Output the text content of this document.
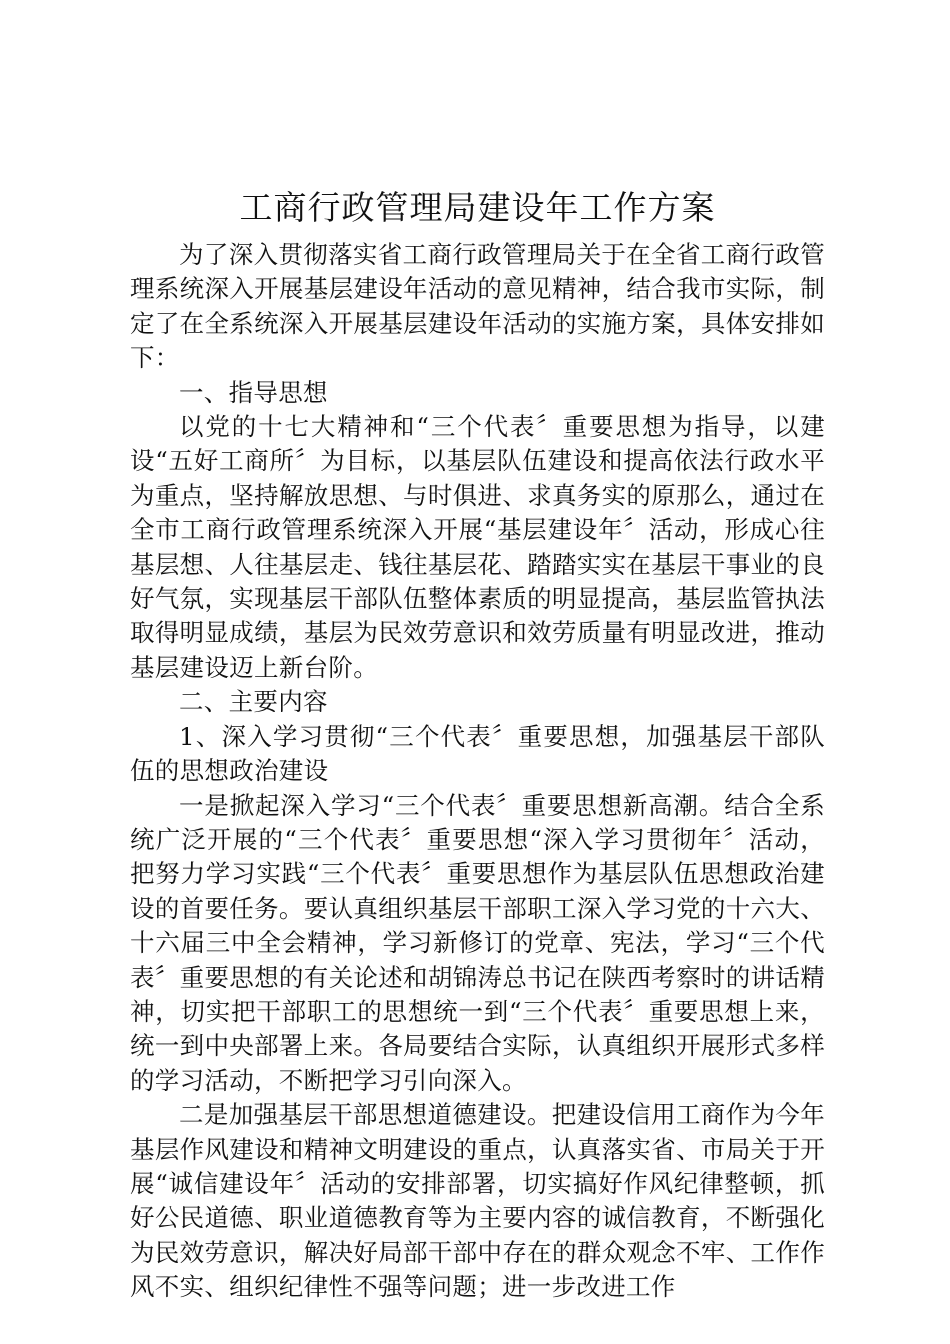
工商行政管理局建设年工作方案

为了深入贯彻落实省工商行政管理局关于在全省工商行政管理系统深入开展基层建设年活动的意见精神，结合我市实际，制定了在全系统深入开展基层建设年活动的实施方案，具体安排如下：

一、指导思想

以党的十七大精神和“三个代表〞重要思想为指导，以建设“五好工商所〞为目标，以基层队伍建设和提高依法行政水平为重点，坚持解放思想、与时俱进、求真务实的原那么，通过在全市工商行政管理系统深入开展“基层建设年〞活动，形成心往基层想、人往基层走、钱往基层花、踏踏实实在基层干事业的良好气氛，实现基层干部队伍整体素质的明显提高，基层监管执法取得明显成绩，基层为民效劳意识和效劳质量有明显改进，推动基层建设迈上新台阶。

二、主要内容

1、深入学习贯彻“三个代表〞重要思想，加强基层干部队伍的思想政治建设

一是掀起深入学习“三个代表〞重要思想新高潮。结合全系统广泛开展的“三个代表〞重要思想“深入学习贯彻年〞活动，把努力学习实践“三个代表〞重要思想作为基层队伍思想政治建设的首要任务。要认真组织基层干部职工深入学习党的十六大、十六届三中全会精神，学习新修订的党章、宪法，学习“三个代表〞重要思想的有关论述和胡锦涛总书记在陕西考察时的讲话精神，切实把干部职工的思想统一到“三个代表〞重要思想上来，统一到中央部署上来。各局要结合实际，认真组织开展形式多样的学习活动，不断把学习引向深入。

二是加强基层干部思想道德建设。把建设信用工商作为今年基层作风建设和精神文明建设的重点，认真落实省、市局关于开展“诚信建设年〞活动的安排部署，切实搞好作风纪律整顿，抓好公民道德、职业道德教育等为主要内容的诚信教育，不断强化为民效劳意识，解决好局部干部中存在的群众观念不牢、工作作风不实、组织纪律性不强等问题；进一步改进工作
